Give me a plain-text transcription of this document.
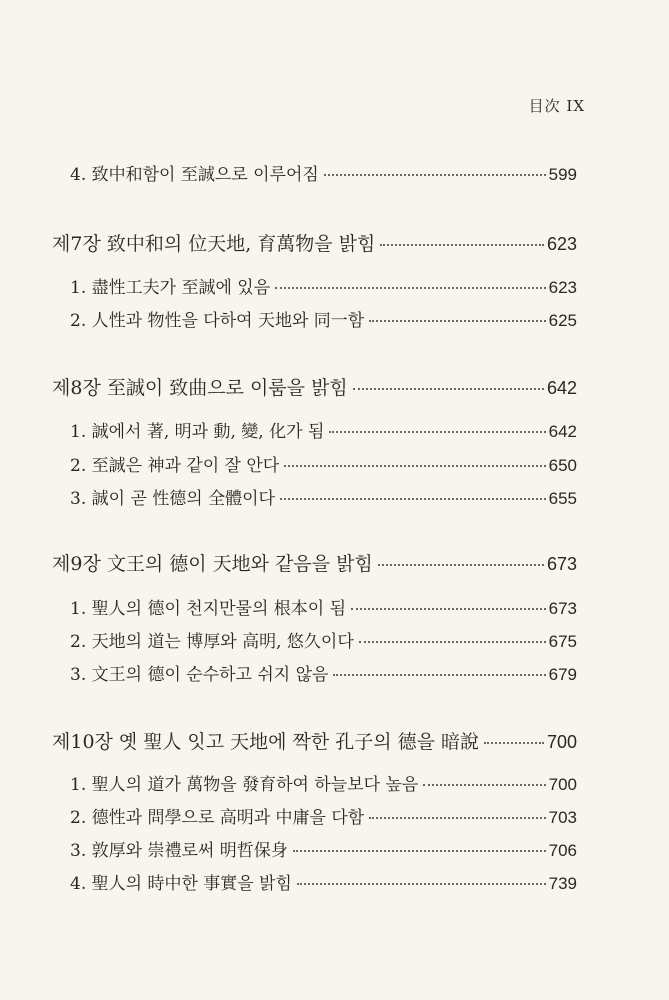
目次 IX
4. 致中和함이 至誠으로 이루어짐	599
제7장 致中和의 位天地, 育萬物을 밝힘	623
1. 盡性工夫가 至誠에 있음	623
2. 人性과 物性을 다하여 天地와 同一함	625
제8장 至誠이 致曲으로 이룸을 밝힘	642
1. 誠에서 著, 明과 動, 變, 化가 됨	642
2. 至誠은 神과 같이 잘 안다	650
3. 誠이 곧 性德의 全體이다	655
제9장 文王의 德이 天地와 같음을 밝힘	673
1. 聖人의 德이 천지만물의 根本이 됨	673
2. 天地의 道는 博厚와 高明, 悠久이다	675
3. 文王의 德이 순수하고 쉬지 않음	679
제10장 옛 聖人 잇고 天地에 짝한 孔子의 德을 暗說	700
1. 聖人의 道가 萬物을 發育하여 하늘보다 높음	700
2. 德性과 問學으로 高明과 中庸을 다함	703
3. 敦厚와 崇禮로써 明哲保身	706
4. 聖人의 時中한 事實을 밝힘	739
